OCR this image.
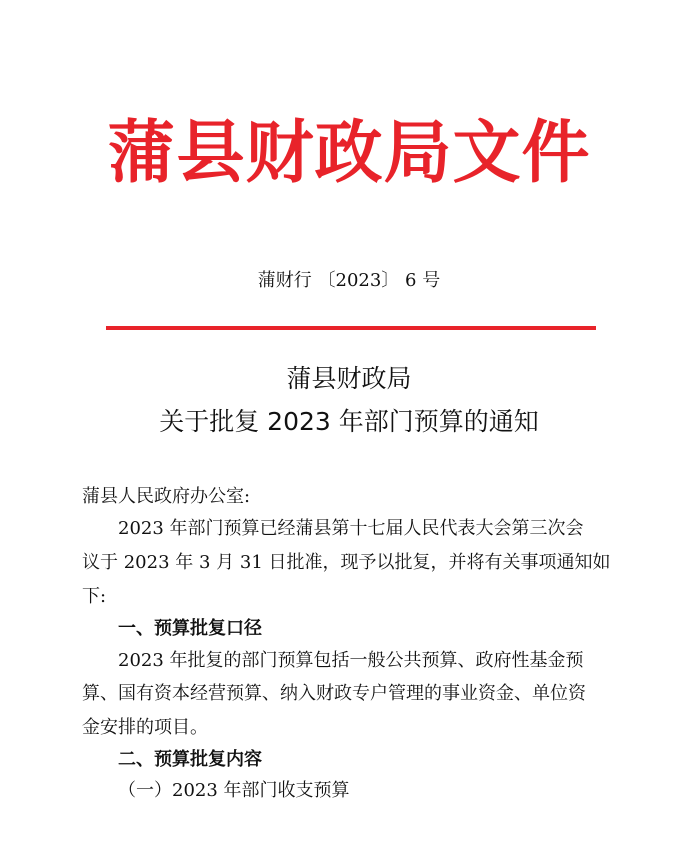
蒲县财政局文件
蒲财行 〔2023〕 6 号
蒲县财政局
关于批复 2023 年部门预算的通知
蒲县人民政府办公室:
2023 年部门预算已经蒲县第十七届人民代表大会第三次会
议于 2023 年 3 月 31 日批准，现予以批复，并将有关事项通知如
下:
一、预算批复口径
2023 年批复的部门预算包括一般公共预算、政府性基金预
算、国有资本经营预算、纳入财政专户管理的事业资金、单位资
金安排的项目。
二、预算批复内容
（一）2023 年部门收支预算
